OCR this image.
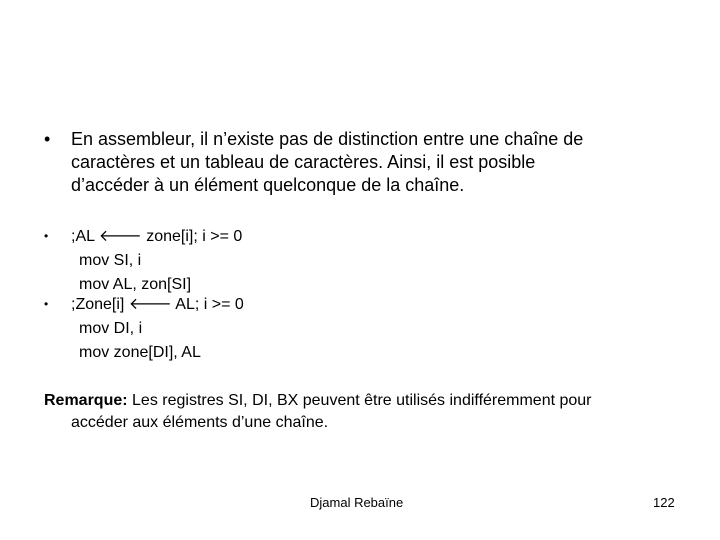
• En assembleur, il n’existe pas de distinction entre une chaîne de
caractères et un tableau de caractères. Ainsi, il est posible
d’accéder à un élément quelconque de la chaîne.
• ;AL 🡐 zone[i]; i >= 0
mov SI, i
mov AL, zon[SI]
• ;Zone[i] 🡐 AL; i >= 0
mov DI, i
mov zone[DI], AL
Remarque: Les registres SI, DI, BX peuvent être utilisés indifféremment pour
accéder aux éléments d’une chaîne.
Djamal Rebaïne	122
